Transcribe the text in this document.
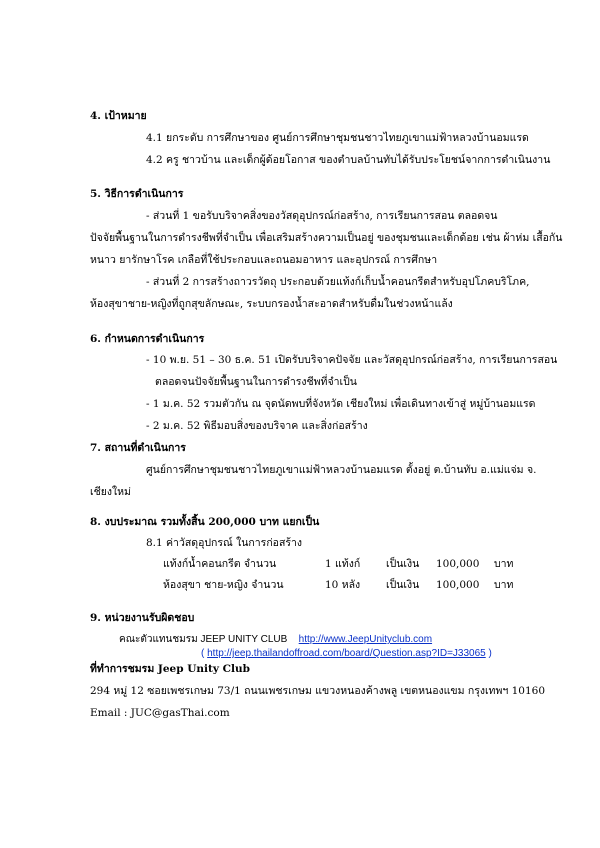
4. เป้าหมาย
4.1 ยกระดับ การศึกษาของ ศูนย์การศึกษาชุมชนชาวไทยภูเขาแม่ฟ้าหลวงบ้านอมแรด
4.2 ครู ชาวบ้าน และเด็กผู้ด้อยโอกาส ของตำบลบ้านทับได้รับประโยชน์จากการดำเนินงาน
5. วิธีการดำเนินการ
- ส่วนที่ 1 ขอรับบริจาคสิ่งของวัสดุอุปกรณ์ก่อสร้าง, การเรียนการสอน ตลอดจน
ปัจจัยพื้นฐานในการดำรงชีพที่จำเป็น เพื่อเสริมสร้างความเป็นอยู่ ของชุมชนและเด็กด้อย เช่น ผ้าห่ม เสื้อกัน
หนาว ยารักษาโรค เกลือที่ใช้ประกอบและถนอมอาหาร และอุปกรณ์ การศึกษา
- ส่วนที่ 2 การสร้างถาวรวัตถุ ประกอบด้วยแท้งก์เก็บน้ำคอนกรีตสำหรับอุปโภคบริโภค,
ห้องสุขาชาย-หญิงที่ถูกสุขลักษณะ, ระบบกรองน้ำสะอาดสำหรับดื่มในช่วงหน้าแล้ง
6. กำหนดการดำเนินการ
- 10 พ.ย. 51 – 30 ธ.ค. 51 เปิดรับบริจาคปัจจัย และวัสดุอุปกรณ์ก่อสร้าง, การเรียนการสอน
ตลอดจนปัจจัยพื้นฐานในการดำรงชีพที่จำเป็น
- 1 ม.ค. 52 รวมตัวกัน ณ จุดนัดพบที่จังหวัด เชียงใหม่ เพื่อเดินทางเข้าสู่ หมู่บ้านอมแรด
- 2 ม.ค. 52 พิธีมอบสิ่งของบริจาค และสิ่งก่อสร้าง
7. สถานที่ดำเนินการ
ศูนย์การศึกษาชุมชนชาวไทยภูเขาแม่ฟ้าหลวงบ้านอมแรด ตั้งอยู่ ต.บ้านทับ อ.แม่แจ่ม จ.
เชียงใหม่
8. งบประมาณ รวมทั้งสิ้น 200,000 บาท แยกเป็น
8.1 ค่าวัสดุอุปกรณ์ ในการก่อสร้าง
แท้งก์น้ำคอนกรีต จำนวน	1 แท้งก์ เป็นเงิน 100,000 บาท
ห้องสุขา ชาย-หญิง จำนวน	10 หลัง เป็นเงิน 100,000 บาท
9. หน่วยงานรับผิดชอบ
คณะตัวแทนชมรม JEEP UNITY CLUB http://www.JeepUnityclub.com
( http://jeep.thailandoffroad.com/board/Question.asp?ID=J33065 )
ที่ทำการชมรม Jeep Unity Club
294 หมู่ 12 ซอยเพชรเกษม 73/1 ถนนเพชรเกษม แขวงหนองค้างพลู เขตหนองแขม กรุงเทพฯ 10160
Email : JUC@gasThai.com
